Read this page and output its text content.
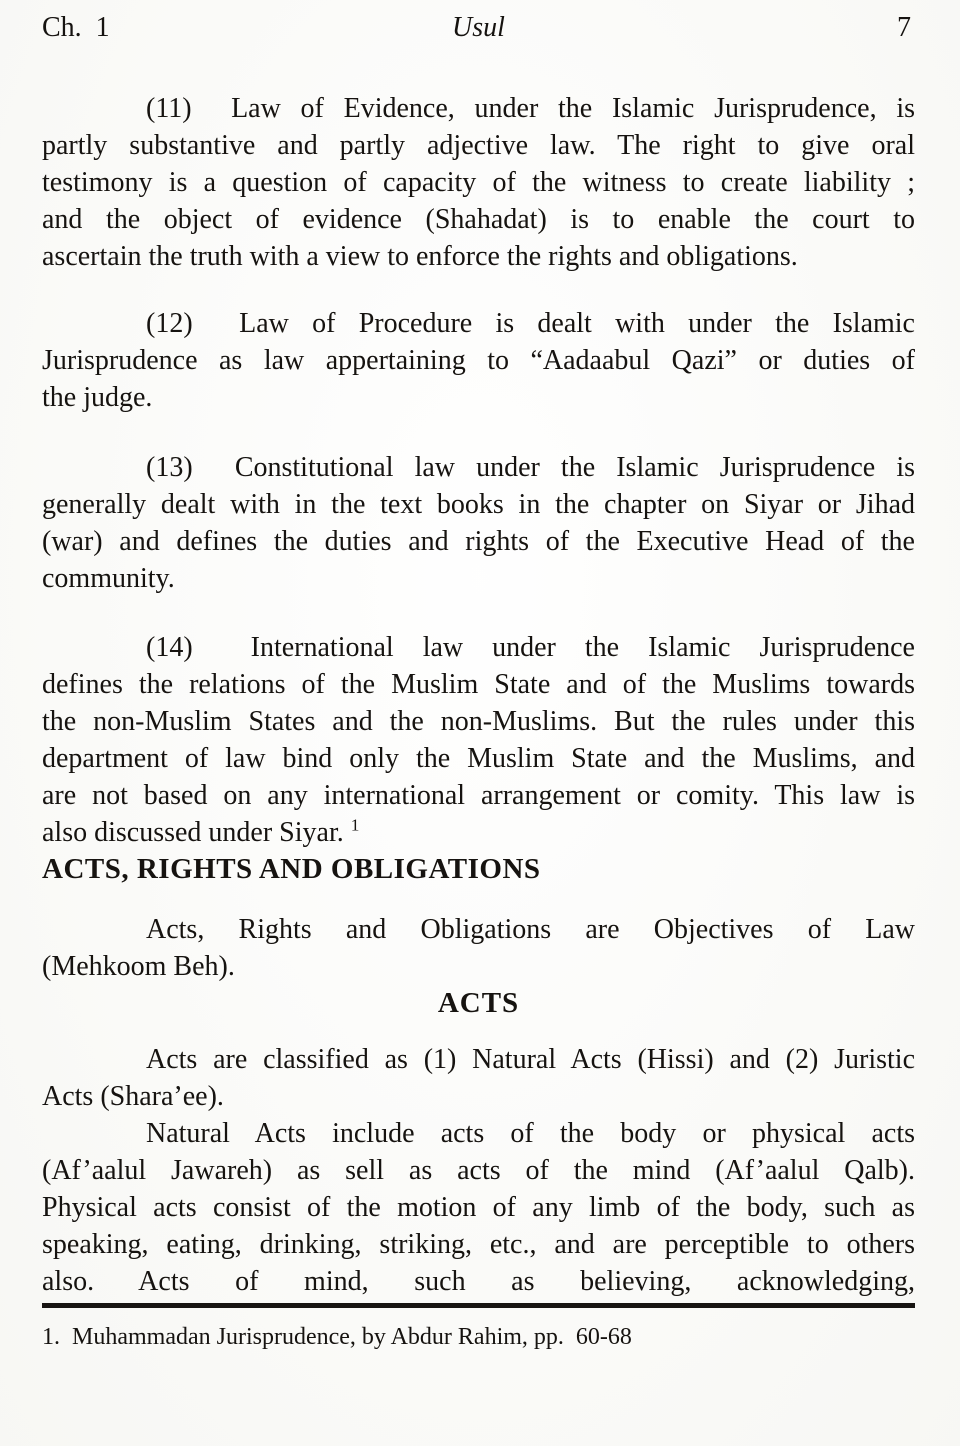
Ch.  1	Usul	7

(11)  Law of Evidence, under the Islamic Jurisprudence, is
partly substantive and partly adjective law. The right to give oral
testimony is a question of capacity of the witness to create liability ;
and the object of evidence (Shahadat) is to enable the court to
ascertain the truth with a view to enforce the rights and obligations.

(12)  Law of Procedure is dealt with under the Islamic
Jurisprudence as law appertaining to “Aadaabul Qazi” or duties of
the judge.

(13)  Constitutional law under the Islamic Jurisprudence is
generally dealt with in the text books in the chapter on Siyar or Jihad
(war) and defines the duties and rights of the Executive Head of the
community.

(14)  International law under the Islamic Jurisprudence
defines the relations of the Muslim State and of the Muslims towards
the non-Muslim States and the non-Muslims. But the rules under this
department of law bind only the Muslim State and the Muslims, and
are not based on any international arrangement or comity. This law is
also discussed under Siyar. $^1$

ACTS, RIGHTS AND OBLIGATIONS

Acts, Rights and Obligations are Objectives of Law
(Mehkoom Beh).

ACTS

Acts are classified as (1) Natural Acts (Hissi) and (2) Juristic
Acts (Shara’ee).

Natural Acts include acts of the body or physical acts
(Af’aalul Jawareh) as sell as acts of the mind (Af’aalul Qalb).
Physical acts consist of the motion of any limb of the body, such as
speaking, eating, drinking, striking, etc., and are perceptible to others
also. Acts of mind, such as believing, acknowledging,

1.  Muhammadan Jurisprudence, by Abdur Rahim, pp.  60-68
